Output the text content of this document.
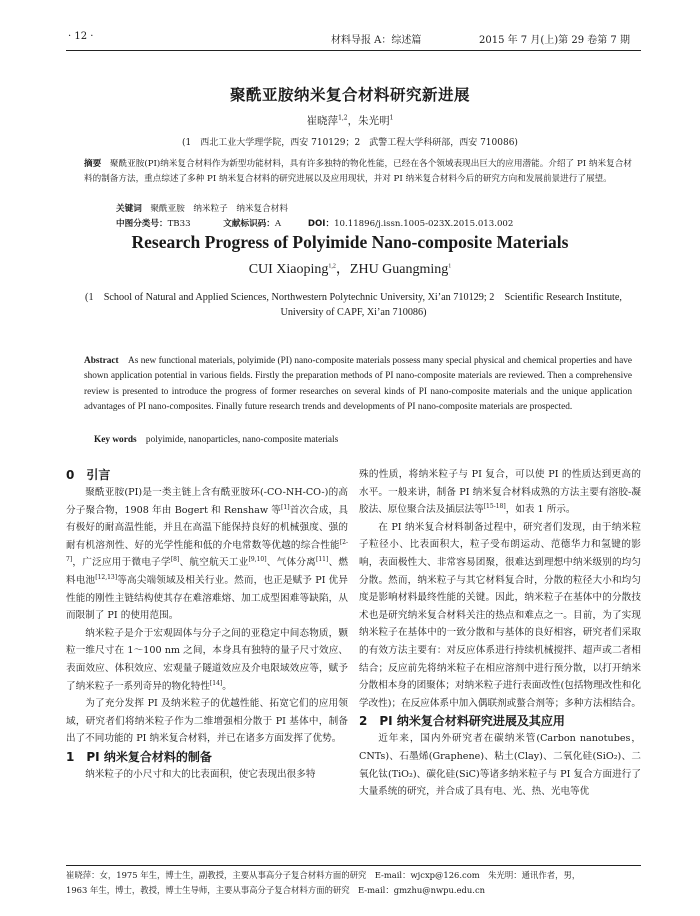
· 12 ·	材料导报 A：综述篇	2015 年 7 月(上)第 29 卷第 7 期
聚酰亚胺纳米复合材料研究新进展
崔晓萍$^{1,2}$，朱光明$^1$
(1　西北工业大学理学院，西安 710129；2　武警工程大学科研部，西安 710086)
摘要　 聚酰亚胺(PI)纳米复合材料作为新型功能材料，具有许多独特的物化性能，已经在各个领域表现出巨大的应用潜能。介绍了 PI 纳米复合材料的制备方法，重点综述了多种 PI 纳米复合材料的研究进展以及应用现状，并对 PI 纳米复合材料今后的研究方向和发展前景进行了展望。
关键词　 聚酰亚胺　纳米粒子　纳米复合材料
中图分类号：TB33	文献标识码：A	DOI：10.11896/j.issn.1005-023X.2015.013.002
Research Progress of Polyimide Nano-composite Materials
CUI Xiaoping$^{1,2}$，ZHU Guangming$^1$
(1　School of Natural and Applied Sciences, Northwestern Polytechnic University, Xi’an 710129; 2　Scientific Research Institute, University of CAPF, Xi’an 710086)
Abstract　 As new functional materials, polyimide (PI) nano-composite materials possess many special physical and chemical properties and have shown application potential in various fields. Firstly the preparation methods of PI nano-composite materials are reviewed. Then a comprehensive review is presented to introduce the progress of former researches on several kinds of PI nano-composite materials and the unique application advantages of PI nano-composites. Finally future research trends and developments of PI nano-composite materials are prospected.
Key words　 polyimide, nanoparticles, nano-composite materials

0　 引言

聚酰亚胺(PI)是一类主链上含有酰亚胺环(-CO-NH-CO-)的高分子聚合物，1908 年由 Bogert 和 Renshaw 等[1]首次合成，具有极好的耐高温性能，并且在高温下能保持良好的机械强度、强的耐有机溶剂性、好的光学性能和低的介电常数等优越的综合性能[2-7]，广泛应用于微电子学[8]、航空航天工业[9,10]、气体分离[11]、燃料电池[12,13]等高尖端领域及相关行业。然而，也正是赋予 PI 优异性能的刚性主链结构使其存在难溶难熔、加工成型困难等缺陷，从而限制了 PI 的使用范围。

纳米粒子是介于宏观固体与分子之间的亚稳定中间态物质，颗粒一维尺寸在 1～100 nm 之间，本身具有独特的量子尺寸效应、表面效应、体积效应、宏观量子隧道效应及介电限域效应等，赋予了纳米粒子一系列奇异的物化特性[14]。

为了充分发挥 PI 及纳米粒子的优越性能、拓宽它们的应用领域，研究者们将纳米粒子作为二维增强相分散于 PI 基体中，制备出了不同功能的 PI 纳米复合材料，并已在诸多方面发挥了优势。

1　 PI 纳米复合材料的制备

纳米粒子的小尺寸和大的比表面积，使它表现出很多特

殊的性质，将纳米粒子与 PI 复合，可以使 PI 的性质达到更高的水平。一般来讲，制备 PI 纳米复合材料成熟的方法主要有溶胶-凝胶法、原位聚合法及插层法等[15-18]，如表 1 所示。

在 PI 纳米复合材料制备过程中，研究者们发现，由于纳米粒子粒径小、比表面积大，粒子受布朗运动、范德华力和氢键的影响，表面极性大、非常容易团聚，很难达到理想中纳米级别的均匀分散。然而，纳米粒子与其它材料复合时，分散的粒径大小和均匀度是影响材料最终性能的关键。因此，纳米粒子在基体中的分散技术也是研究纳米复合材料关注的热点和难点之一。目前，为了实现纳米粒子在基体中的一致分散和与基体的良好相容，研究者们采取的有效方法主要有：对反应体系进行持续机械搅拌、超声或二者相结合；反应前先将纳米粒子在相应溶剂中进行预分散，以打开纳米分散相本身的团聚体；对纳米粒子进行表面改性(包括物理改性和化学改性)；在反应体系中加入偶联剂或螯合剂等；多种方法相结合。

2　 PI 纳米复合材料研究进展及其应用

近年来，国内外研究者在碳纳米管(Carbon nanotubes，CNTs)、石墨烯(Graphene)、粘土(Clay)、二氧化硅(SiO₂)、二氧化钛(TiO₂)、碳化硅(SiC)等诸多纳米粒子与 PI 复合方面进行了大量系统的研究，并合成了具有电、光、热、光电等优

崔晓萍：女，1975 年生，博士生，副教授，主要从事高分子复合材料方面的研究　E-mail：wjcxp@126.com　朱光明：通讯作者，男，
1963 年生，博士，教授，博士生导师，主要从事高分子复合材料方面的研究　E-mail：gmzhu@nwpu.edu.cn
